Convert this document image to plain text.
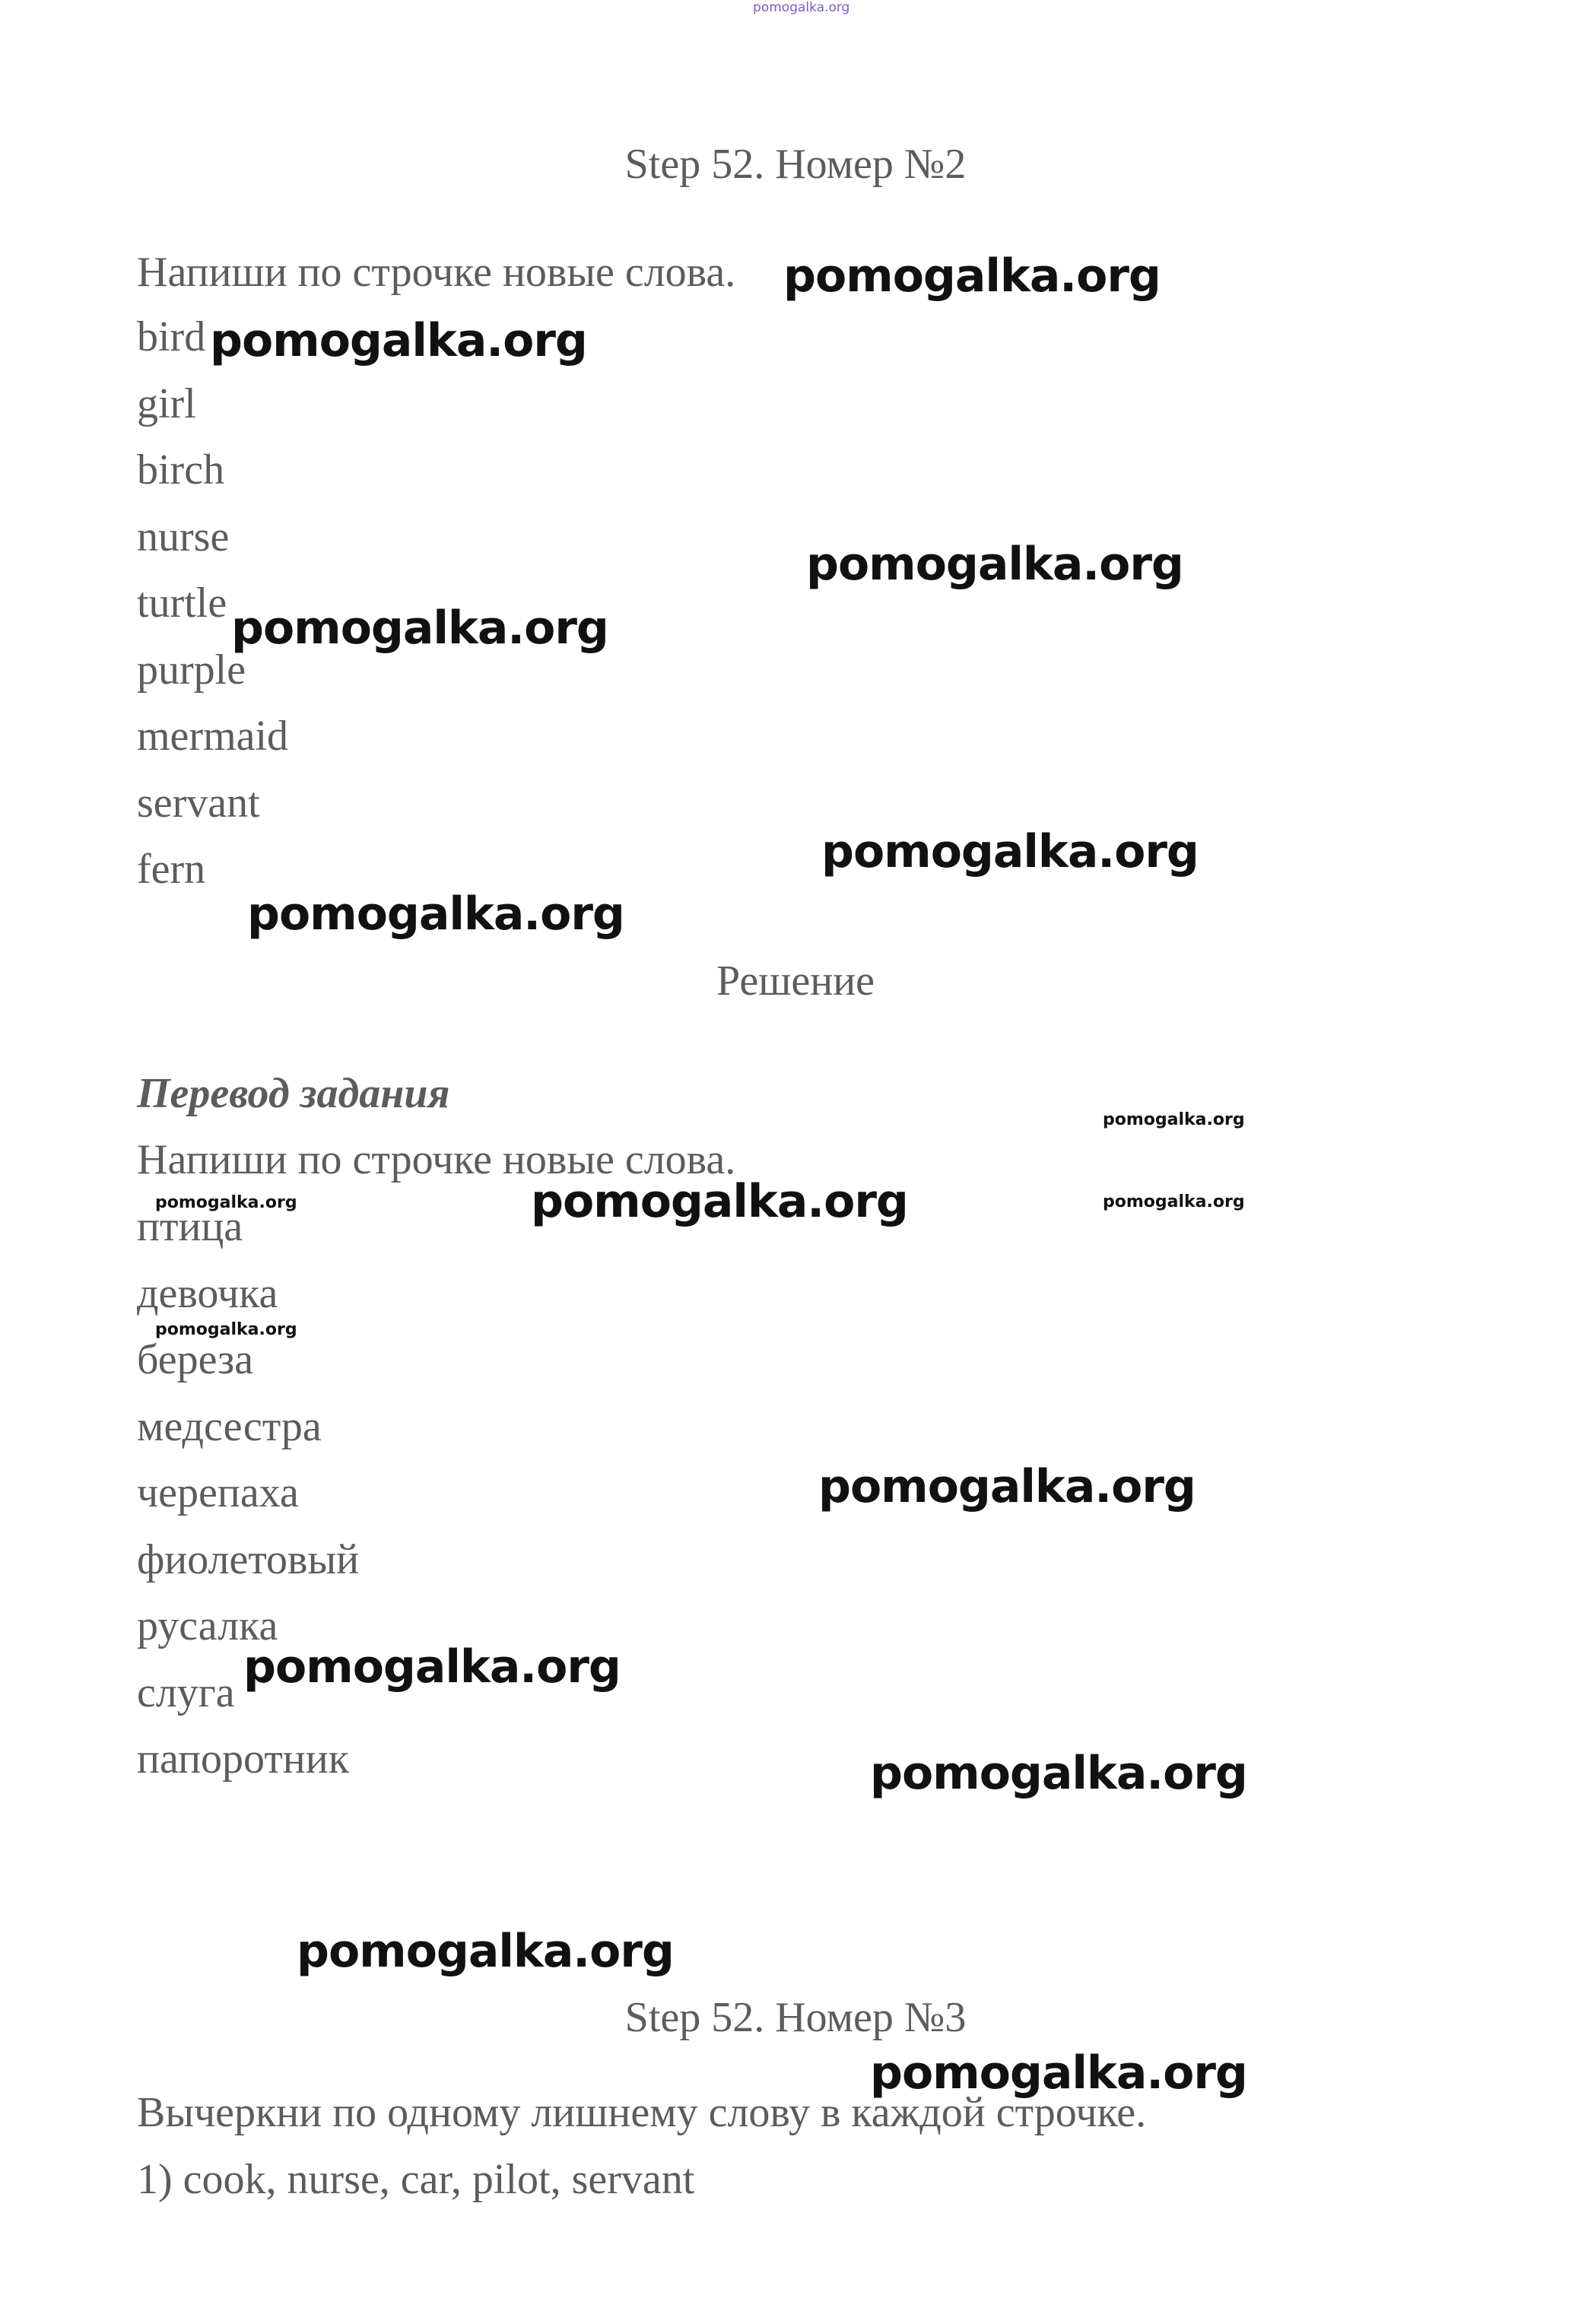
pomogalka.org
Step 52. Номер №2
Напиши по строчке новые слова.
bird
girl
birch
nurse
turtle
purple
mermaid
servant
fern
Решение
Перевод задания
Напиши по строчке новые слова.
птица
девочка
береза
медсестра
черепаха
фиолетовый
русалка
слуга
папоротник
Step 52. Номер №3
Вычеркни по одному лишнему слову в каждой строчке.
1) cook, nurse, car, pilot, servant
pomogalka.org
pomogalka.org
pomogalka.org
pomogalka.org
pomogalka.org
pomogalka.org
pomogalka.org
pomogalka.org
pomogalka.org	pomogalka.org
pomogalka.org
pomogalka.org
pomogalka.org
pomogalka.org
pomogalka.org
pomogalka.org
